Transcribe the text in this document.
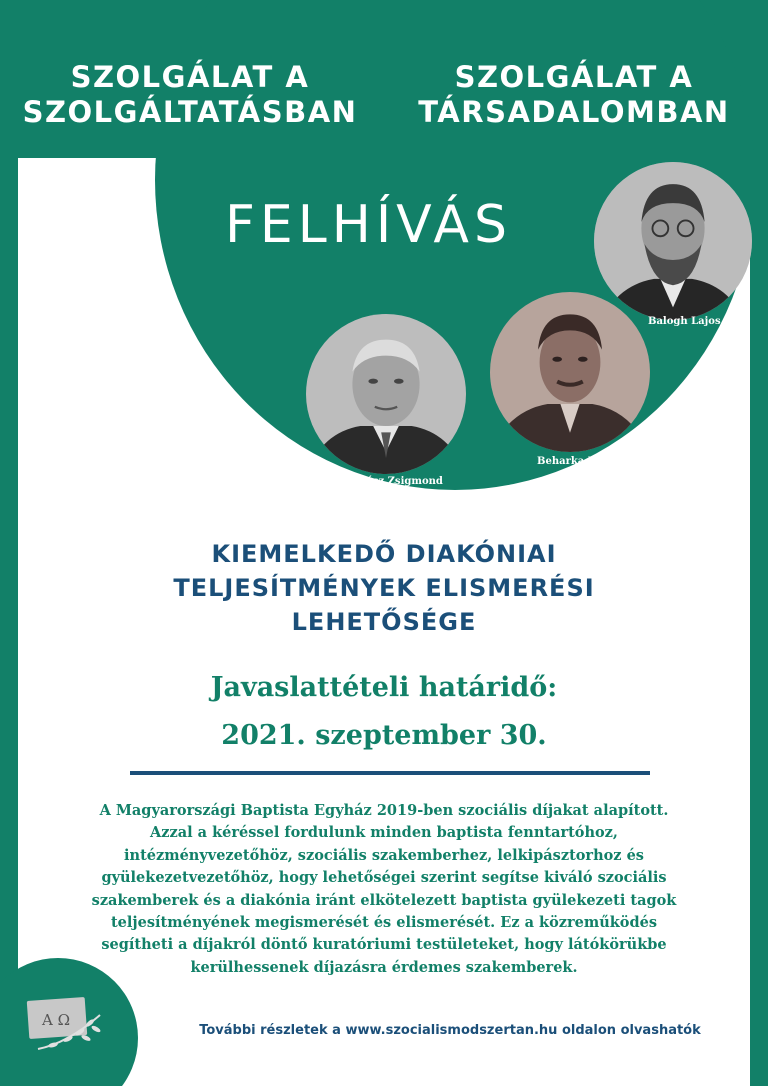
SZOLGÁLAT A
SZOLGÁLTATÁSBAN
SZOLGÁLAT A
TÁRSADALOMBAN
FELHÍVÁS
Balogh Lajos
Beharka Pál
Révész Zsigmond
KIEMELKEDŐ DIAKÓNIAI
TELJESÍTMÉNYEK ELISMERÉSI
LEHETŐSÉGE
Javaslattételi határidő:
2021. szeptember 30.
A Magyarországi Baptista Egyház 2019-ben szociális díjakat alapított.
Azzal a kéréssel fordulunk minden baptista fenntartóhoz,
intézményvezetőhöz, szociális szakemberhez, lelkipásztorhoz és
gyülekezetvezetőhöz, hogy lehetőségei szerint segítse kiváló szociális
szakemberek és a diakónia iránt elkötelezett baptista gyülekezeti tagok
teljesítményének megismerését és elismerését. Ez a közreműködés
segítheti a díjakról döntő kuratóriumi testületeket, hogy látókörükbe
kerülhessenek díjazásra érdemes szakemberek.
A Ω
További részletek a www.szocialismodszertan.hu oldalon olvashatók
